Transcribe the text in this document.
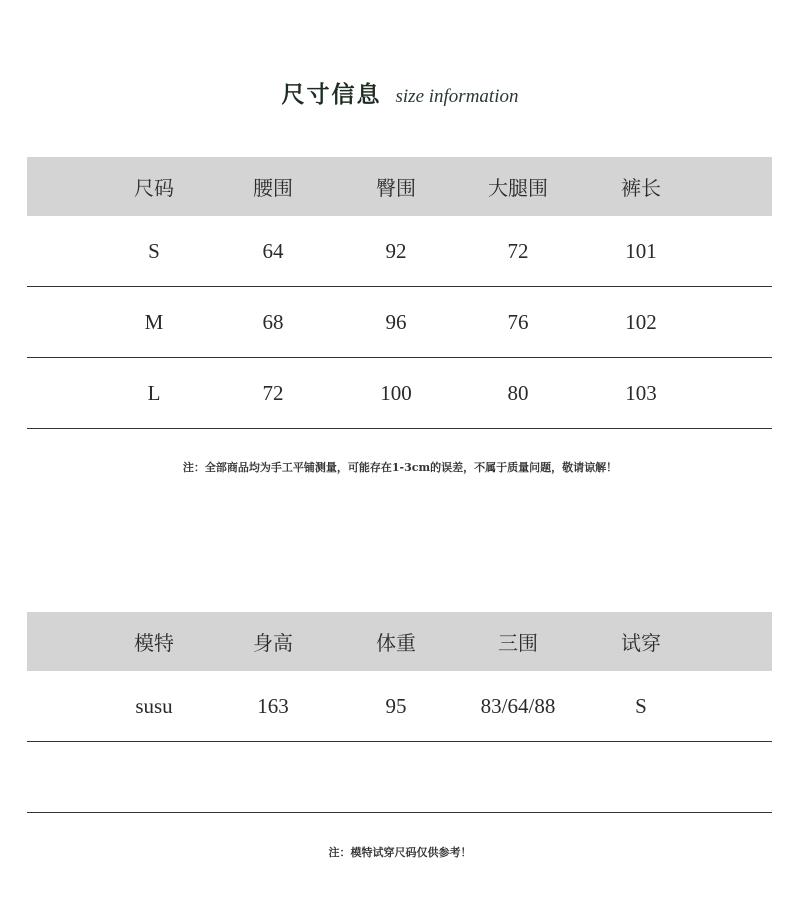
尺寸信息 size information
尺码	腰围	臀围	大腿围	裤长
S	64	92	72	101
M	68	96	76	102
L	72	100	80	103
注：全部商品均为手工平铺测量，可能存在1-3cm的误差，不属于质量问题，敬请谅解！
模特	身高	体重	三围	试穿
susu	163	95	83/64/88	S
注：模特试穿尺码仅供参考！
